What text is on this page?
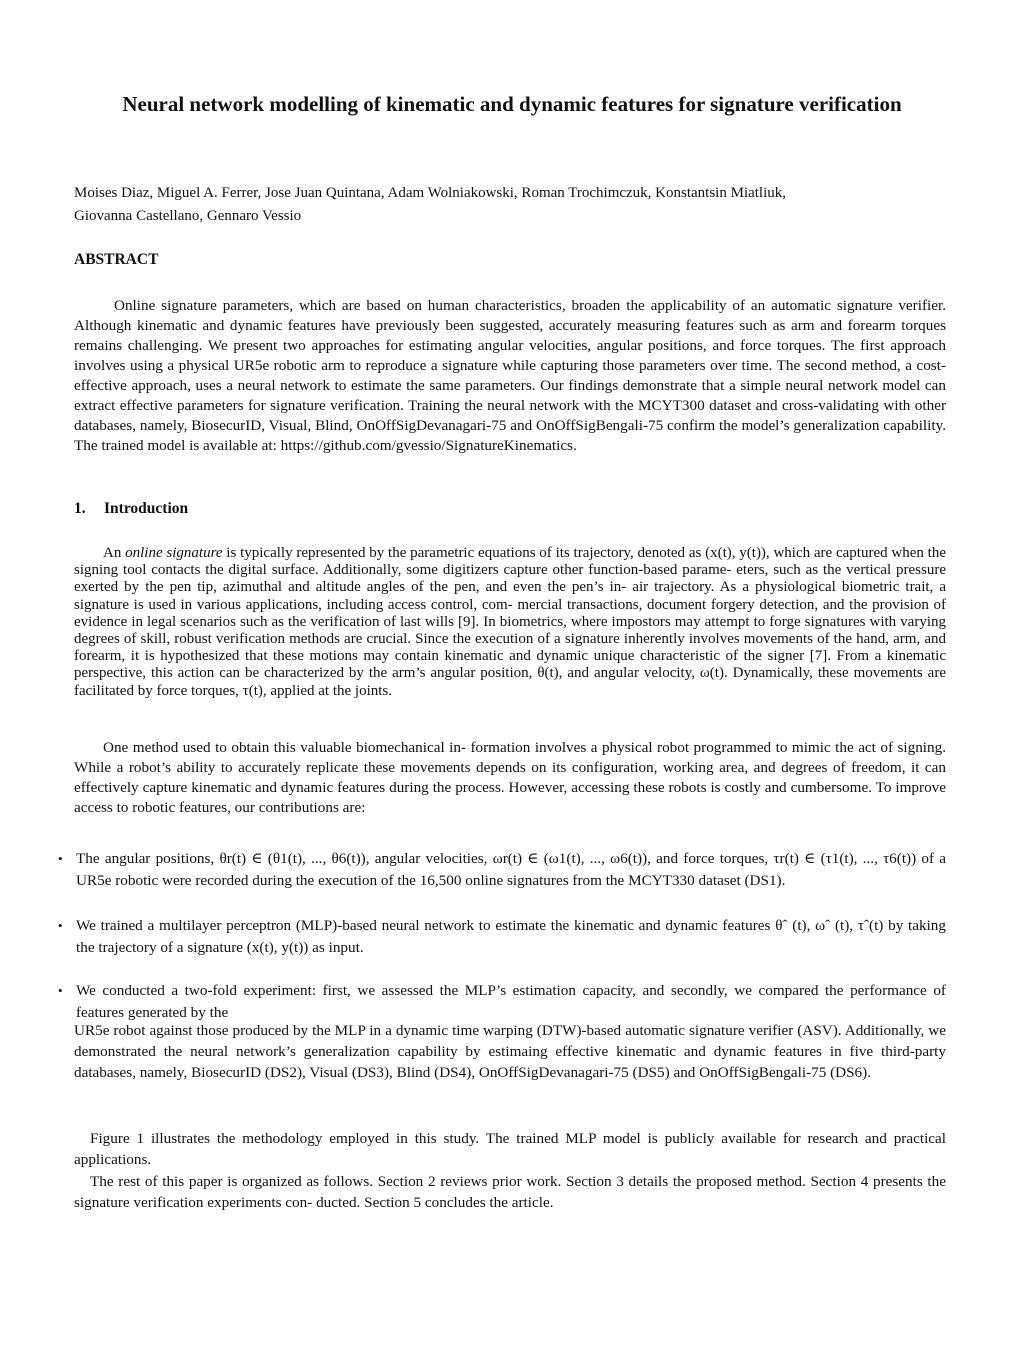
Neural network modelling of kinematic and dynamic features for signature verification
Moises Diaz, Miguel A. Ferrer, Jose Juan Quintana, Adam Wolniakowski, Roman Trochimczuk, Konstantsin Miatliuk,
Giovanna Castellano, Gennaro Vessio
ABSTRACT
Online signature parameters, which are based on human characteristics, broaden the applicability of an automatic signature verifier. Although kinematic and dynamic features have previously been suggested, accurately measuring features such as arm and forearm torques remains challenging. We present two approaches for estimating angular velocities, angular positions, and force torques. The first approach involves using a physical UR5e robotic arm to reproduce a signature while capturing those parameters over time. The second method, a cost-effective approach, uses a neural network to estimate the same parameters. Our findings demonstrate that a simple neural network model can extract effective parameters for signature verification. Training the neural network with the MCYT300 dataset and cross-validating with other databases, namely, BiosecurID, Visual, Blind, OnOffSigDevanagari-75 and OnOffSigBengali-75 confirm the model’s generalization capability. The trained model is available at: https://github.com/gvessio/SignatureKinematics.
1. Introduction
An online signature is typically represented by the parametric equations of its trajectory, denoted as (x(t), y(t)), which are captured when the signing tool contacts the digital surface. Additionally, some digitizers capture other function-based parame- eters, such as the vertical pressure exerted by the pen tip, azimuthal and altitude angles of the pen, and even the pen’s in- air trajectory. As a physiological biometric trait, a signature is used in various applications, including access control, com- mercial transactions, document forgery detection, and the provision of evidence in legal scenarios such as the verification of last wills [9]. In biometrics, where impostors may attempt to forge signatures with varying degrees of skill, robust verification methods are crucial. Since the execution of a signature inherently involves movements of the hand, arm, and forearm, it is hypothesized that these motions may contain kinematic and dynamic unique characteristic of the signer [7]. From a kinematic perspective, this action can be characterized by the arm’s angular position, θ(t), and angular velocity, ω(t). Dynamically, these movements are facilitated by force torques, τ(t), applied at the joints.
One method used to obtain this valuable biomechanical in- formation involves a physical robot programmed to mimic the act of signing. While a robot’s ability to accurately replicate these movements depends on its configuration, working area, and degrees of freedom, it can effectively capture kinematic and dynamic features during the process. However, accessing these robots is costly and cumbersome. To improve access to robotic features, our contributions are:
• The angular positions, θr(t) ∈ (θ1(t), ..., θ6(t)), angular velocities, ωr(t) ∈ (ω1(t), ..., ω6(t)), and force torques, τr(t) ∈ (τ1(t), ..., τ6(t)) of a UR5e robotic were recorded during the execution of the 16,500 online signatures from the MCYT330 dataset (DS1).
• We trained a multilayer perceptron (MLP)-based neural network to estimate the kinematic and dynamic features θˆ (t), ωˆ (t), τˆ(t) by taking the trajectory of a signature (x(t), y(t)) as input.
• We conducted a two-fold experiment: first, we assessed the MLP’s estimation capacity, and secondly, we compared the performance of features generated by the
UR5e robot against those produced by the MLP in a dynamic time warping (DTW)-based automatic signature verifier (ASV). Additionally, we demonstrated the neural network’s generalization capability by estimaing effective kinematic and dynamic features in five third-party databases, namely, BiosecurID (DS2), Visual (DS3), Blind (DS4), OnOffSigDevanagari-75 (DS5) and OnOffSigBengali-75 (DS6).
Figure 1 illustrates the methodology employed in this study. The trained MLP model is publicly available for research and practical applications.
The rest of this paper is organized as follows. Section 2 reviews prior work. Section 3 details the proposed method. Section 4 presents the signature verification experiments con- ducted. Section 5 concludes the article.
